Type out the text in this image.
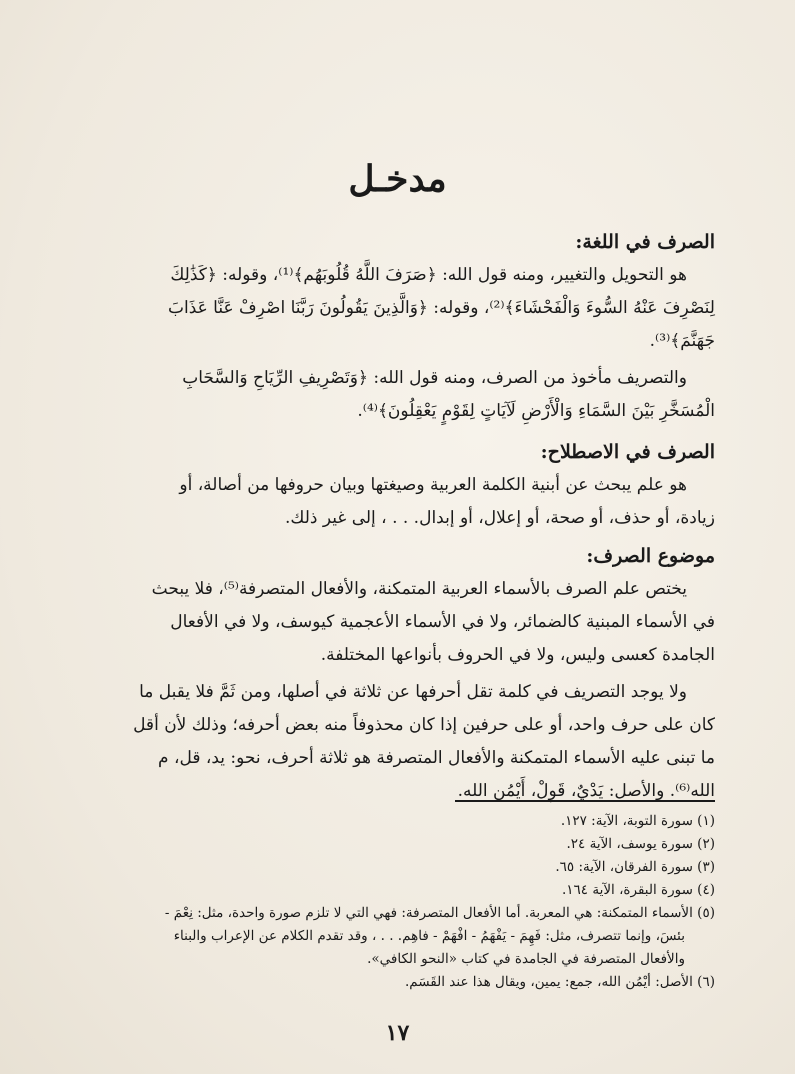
مدخـل
الصرف في اللغة:
هو التحويل والتغيير، ومنه قول الله: ﴿صَرَفَ اللَّهُ قُلُوبَهُم﴾⁽¹⁾، وقوله: ﴿كَذَٰلِكَ
لِنَصْرِفَ عَنْهُ السُّوءَ وَالْفَحْشَاءَ﴾⁽²⁾، وقوله: ﴿وَالَّذِينَ يَقُولُونَ رَبَّنَا اصْرِفْ عَنَّا عَذَابَ
جَهَنَّمَ﴾⁽³⁾.
والتصريف مأخوذ من الصرف، ومنه قول الله: ﴿وَتَصْرِيفِ الرِّيَاحِ وَالسَّحَابِ
الْمُسَخَّرِ بَيْنَ السَّمَاءِ وَالْأَرْضِ لَآيَاتٍ لِقَوْمٍ يَعْقِلُونَ﴾⁽⁴⁾.
الصرف في الاصطلاح:
هو علم يبحث عن أبنية الكلمة العربية وصيغتها وبيان حروفها من أصالة، أو
زيادة، أو حذف، أو صحة، أو إعلال، أو إبدال. . . ، إلى غير ذلك.
موضوع الصرف:
يختص علم الصرف بالأسماء العربية المتمكنة، والأفعال المتصرفة⁽⁵⁾، فلا يبحث
في الأسماء المبنية كالضمائر، ولا في الأسماء الأعجمية كيوسف، ولا في الأفعال
الجامدة كعسى وليس، ولا في الحروف بأنواعها المختلفة.
ولا يوجد التصريف في كلمة تقل أحرفها عن ثلاثة في أصلها، ومن ثَمَّ فلا يقبل ما
كان على حرف واحد، أو على حرفين إذا كان محذوفاً منه بعض أحرفه؛ وذلك لأن أقل
ما تبنى عليه الأسماء المتمكنة والأفعال المتصرفة هو ثلاثة أحرف، نحو: يد، قل، م
الله⁽⁶⁾. والأصل: يَدْيٌ، قَوِلْ، أَيْمُن الله.
(١) سورة التوبة، الآية: ١٢٧.
(٢) سورة يوسف، الآية ٢٤.
(٣) سورة الفرقان، الآية: ٦٥.
(٤) سورة البقرة، الآية ١٦٤.
(٥) الأسماء المتمكنة: هي المعربة. أما الأفعال المتصرفة: فهي التي لا تلزم صورة واحدة، مثل: نِعْمَ -
بئسَ، وإنما تتصرف، مثل: فَهِمَ - يَفْهَمُ - افْهَمْ - فاهِم. . . ، وقد تقدم الكلام عن الإعراب والبناء
والأفعال المتصرفة في الجامدة في كتاب «النحو الكافي».
(٦) الأصل: أيْمُن الله، جمع: يمين، ويقال هذا عند القَسَم.
١٧
